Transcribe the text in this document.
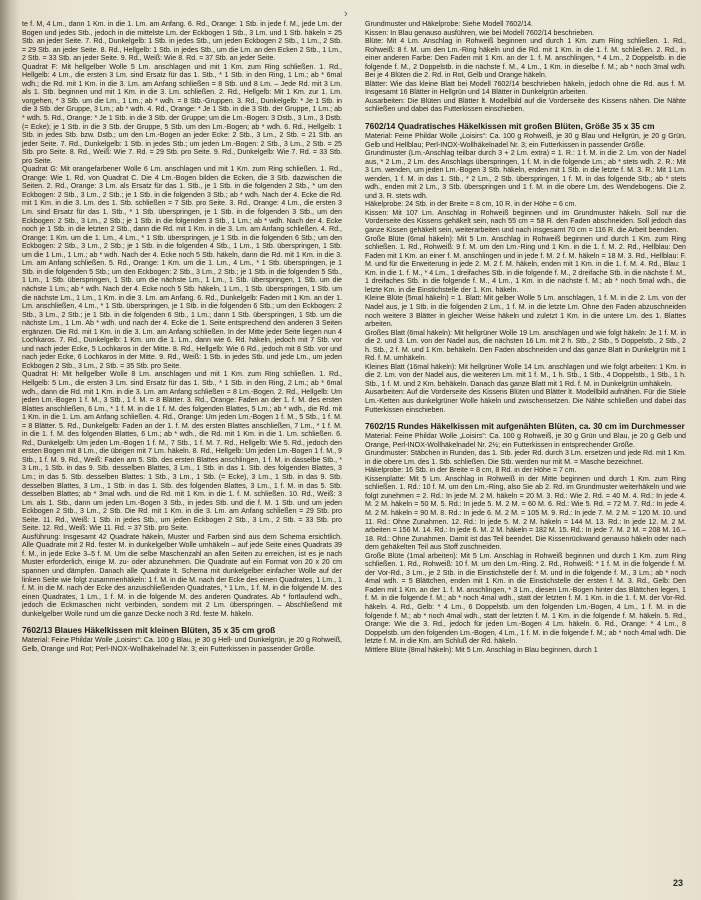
›

te f. M, 4 Lm., dann 1 Km. in die 1. Lm. am Anfang. 6. Rd., Orange: 1 Stb. in jede f. M., jede Lm. der Bogen und jedes Stb., jedoch in die mittelste Lm. der Eckbogen 1 Stb., 3 Lm. und 1 Stb. häkeln = 25 Stb. an jeder Seite. 7. Rd., Dunkelgelb: 1 Stb. in jedes Stb., um jeden Eckbogen 2 Stb., 1 Lm., 2 Stb. = 29 Stb. an jeder Seite. 8. Rd., Hellgelb: 1 Stb. in jedes Stb., um die Lm. an den Ecken 2 Stb., 1 Lm., 2 Stb. = 33 Stb. an jeder Seite. 9. Rd., Weiß: Wie 8. Rd. = 37 Stb. an jeder Seite.

Quadrat F: Mit hellgelber Wolle 5 Lm. anschlagen und mit 1 Km. zum Ring schließen. 1. Rd., Hellgelb: 4 Lm., die ersten 3 Lm. sind Ersatz für das 1. Stb., * 1 Stb. in den Ring, 1 Lm.; ab * 6mal wdh.; die Rd. mit 1 Km. in die 3. Lm. am Anfang schließen = 8 Stb. und 8 Lm. – Jede Rd. mit 3 Lm. als 1. Stb. beginnen und mit 1 Km. in die 3. Lm. schließen. 2. Rd., Hellgelb: Mit 1 Km. zur 1. Lm. vorgehen, * 3 Stb. um die Lm., 1 Lm.; ab * wdh. = 8 Stb.-Gruppen. 3. Rd., Dunkelgelb: * Je 1 Stb. in die 3 Stb. der Gruppe, 3 Lm.; ab * wdh. 4. Rd., Orange: * Je 1 Stb. in die 3 Stb. der Gruppe, 1 Lm.; ab * wdh. 5. Rd., Orange: * Je 1 Stb. in die 3 Stb. der Gruppe; um die Lm.-Bogen: 3 Dstb., 3 Lm., 3 Dstb. (= Ecke); je 1 Stb. in die 3 Stb. der Gruppe, 5 Stb. um den Lm.-Bogen; ab * wdh. 6. Rd., Hellgelb: 1 Stb. in jedes Stb. bzw. Dstb.; um den Lm.-Bogen an jeder Ecke: 2 Stb., 3 Lm., 2 Stb. = 21 Stb. an jeder Seite. 7. Rd., Dunkelgelb: 1 Stb. in jedes Stb.; um jeden Lm.-Bogen: 2 Stb., 3 Lm., 2 Stb. = 25 Stb. pro Seite. 8. Rd., Weiß: Wie 7. Rd. = 29 Stb. pro Seite. 9. Rd., Dunkelgelb: Wie 7. Rd. = 33 Stb. pro Seite.

Quadrat G: Mit orangefarbener Wolle 6 Lm. anschlagen und mit 1 Km. zum Ring schließen. 1. Rd., Orange: Wie 1. Rd. von Quadrat C. Die 4 Lm.-Bogen bilden die Ecken, die 3 Stb. dazwischen die Seiten. 2. Rd., Orange: 3 Lm. als Ersatz für das 1. Stb., je 1 Stb. in die folgenden 2 Stb., * um den Eckbogen: 2 Stb., 3 Lm., 2 Stb.; je 1 Stb. in die folgenden 3 Stb.; ab * wdh. Nach der 4. Ecke die Rd. mit 1 Km. in die 3. Lm. des 1. Stb. schließen = 7 Stb. pro Seite. 3. Rd., Orange: 4 Lm., die ersten 3 Lm. sind Ersatz für das 1. Stb., * 1 Stb. überspringen, je 1 Stb. in die folgenden 3 Stb., um den Eckbogen: 2 Stb., 3 Lm., 2 Stb.; je 1 Stb. in die folgenden 3 Stb., 1 Lm.; ab * wdh. Nach der 4. Ecke noch je 1 Stb. in die letzten 2 Stb., dann die Rd. mit 1 Km. in die 3. Lm. am Anfang schließen. 4. Rd., Orange: 1 Km. um die 1. Lm., 4 Lm., * 1 Stb. überspringen, je 1 Stb. in die folgenden 6 Stb.; um den Eckbogen: 2 Stb., 3 Lm., 2 Stb.; je 1 Stb. in die folgenden 4 Stb., 1 Lm., 1 Stb. überspringen, 1 Stb. um die 1 Lm., 1 Lm.; ab * wdh. Nach der 4. Ecke noch 5 Stb. häkeln, dann die Rd. mit 1 Km. in die 3. Lm. am Anfang schließen. 5. Rd., Orange: 1 Km. um die 1. Lm., 4 Lm., * 1 Stb. überspringen, je 1 Stb. in die folgenden 5 Stb.; um den Eckbogen: 2 Stb., 3 Lm., 2 Stb.; je 1 Stb. in die folgenden 5 Stb., 1 Lm., 1 Stb. überspringen, 1 Stb. um die nächste Lm., 1 Lm., 1 Stb. überspringen, 1 Stb. um die nächste 1 Lm.; ab * wdh. Nach der 4. Ecke noch 5 Stb. häkeln, 1 Lm., 1 Stb. überspringen, 1 Stb. um die nächste Lm., 1 Lm., 1 Km. in die 3. Lm. am Anfang. 6. Rd., Dunkelgelb: Faden mit 1 Km. an der 1. Lm. anschließen, 4 Lm., * 1 Stb. überspringen, je 1 Stb. in die folgenden 6 Stb.; um den Eckbogen: 2 Stb., 3 Lm., 2 Stb.; je 1 Stb. in die folgenden 6 Stb., 1 Lm.; dann 1 Stb. überspringen, 1 Stb. um die nächste Lm., 1 Lm. Ab * wdh. und nach der 4. Ecke die 1. Seite entsprechend den anderen 3 Seiten ergänzen. Die Rd. mit 1 Km. in die 3. Lm. am Anfang schließen. In der Mitte jeder Seite liegen nun 4 Lochkaros. 7. Rd., Dunkelgelb: 1 Km. um die 1. Lm., dann wie 6. Rd. häkeln, jedoch mit 7 Stb. vor und nach jeder Ecke, 5 Lochkaros in der Mitte. 8. Rd., Hellgelb: Wie 6 Rd., jedoch mit 8 Stb. vor und nach jeder Ecke, 6 Lochkaros in der Mitte. 9. Rd., Weiß: 1 Stb. in jedes Stb. und jede Lm., um jeden Eckbogen 2 Stb., 3 Lm., 2 Stb. = 35 Stb. pro Seite.

Quadrat H: Mit hellgelber Wolle 8 Lm. anschlagen und mit 1 Km. zum Ring schließen. 1. Rd., Hellgelb: 5 Lm., die ersten 3 Lm. sind Ersatz für das 1. Stb., * 1 Stb. in den Ring, 2 Lm.; ab * 6mal wdh., dann die Rd. mit 1 Km. in die 3. Lm. am Anfang schließen = 8 Lm.-Bogen. 2. Rd., Hellgelb: Um jeden Lm.-Bogen 1 f. M., 3 Stb., 1 f. M. = 8 Blätter. 3. Rd., Orange: Faden an der 1. f. M. des ersten Blattes anschließen, 6 Lm., * 1 f. M. in die 1 f. M. des folgenden Blattes, 5 Lm.; ab * wdh., die Rd. mit 1 Km. in die 1. Lm. am Anfang schließen. 4. Rd., Orange: Um jeden Lm.-Bogen 1 f. M., 5 Stb., 1 f. M. = 8 Blätter. 5. Rd., Dunkelgelb: Faden an der 1. f. M. des ersten Blattes anschließen, 7 Lm., * 1 f. M. in die 1. f. M. des folgenden Blattes, 6 Lm.; ab * wdh., die Rd. mit 1 Km. in die 1. Lm. schließen. 6. Rd., Dunkelgelb: Um jeden Lm.-Bogen 1 f. M., 7 Stb., 1 f. M. 7. Rd., Hellgelb: Wie 5. Rd., jedoch den ersten Bogen mit 8 Lm., die übrigen mit 7 Lm. häkeln. 8. Rd., Hellgelb: Um jeden Lm.-Bogen 1 f. M., 9 Stb., 1 f. M. 9. Rd., Weiß: Faden am 5. Stb. des ersten Blattes anschlingen, 1 f. M. in dasselbe Stb., * 3 Lm., 1 Stb. in das 9. Stb. desselben Blattes, 3 Lm., 1 Stb. in das 1. Stb. des folgenden Blattes, 3 Lm.; in das 5. Stb. desselben Blattes: 1 Stb., 3 Lm., 1 Stb. (= Ecke), 3 Lm., 1 Stb. in das 9. Stb. desselben Blattes, 3 Lm., 1 Stb. in das 1. Stb. des folgenden Blattes, 3 Lm., 1 f. M. in das 5. Stb. desselben Blattes; ab * 3mal wdh. und die Rd. mit 1 Km. in die 1. f. M. schließen. 10. Rd., Weiß: 3 Lm. als 1. Stb., dann um jeden Lm.-Bogen 3 Stb., in jedes Stb. und die f. M. 1 Stb. und um jeden Eckbogen 2 Stb., 3 Lm., 2 Stb. Die Rd. mit 1 Km. in die 3. Lm. am Anfang schließen = 29 Stb. pro Seite. 11. Rd., Weiß: 1 Stb. in jedes Stb., um jeden Eckbogen 2 Stb., 3 Lm., 2 Stb. = 33 Stb. pro Seite. 12. Rd., Weiß: Wie 11. Rd. = 37 Stb. pro Seite.

Ausführung: Insgesamt 42 Quadrate häkeln, Muster und Farben sind aus dem Schema ersichtlich. Alle Quadrate mit 2 Rd. fester M. in dunkelgelber Wolle umhäkeln – auf jede Seite eines Quadrats 39 f. M., in jede Ecke 3–5 f. M. Um die selbe Maschenzahl an allen Seiten zu erreichen, ist es je nach Muster erforderlich, einige M. zu- oder abzunehmen. Die Quadrate auf ein Format von 20 x 20 cm spannen und dämpfen. Danach alle Quadrate lt. Schema mit dunkelgelber einfacher Wolle auf der linken Seite wie folgt zusammenhäkeln: 1 f. M. in die M. nach der Ecke des einen Quadrates, 1 Lm., 1 f. M. in die M. nach der Ecke des anzuschließenden Quadrates, * 1 Lm., 1 f. M. in die folgende M. des einen Quadrates, 1 Lm., 1 f. M. in die folgende M. des anderen Quadrates. Ab * fortlaufend wdh., jedoch die Eckmaschen nicht verbinden, sondern mit 2 Lm. überspringen. – Abschließend mit dunkelgelber Wolle rund um die ganze Decke noch 3 Rd. feste M. häkeln.

7602/13 Blaues Häkelkissen mit kleinen Blüten, 35 x 35 cm groß

Material: Feine Phildar Wolle „Loisirs“: Ca. 100 g Blau, je 30 g Hell- und Dunkelgrün, je 20 g Rohweiß, Gelb, Orange und Rot; Perl-INOX-Wollhäkelnadel Nr. 3; ein Futterkissen in passender Größe.

Grundmuster und Häkelprobe: Siehe Modell 7602/14.

Kissen: In Blau genauso ausführen, wie bei Modell 7602/14 beschrieben.

Blüte: Mit 4 Lm. Anschlag in Rohweiß beginnen und durch 1 Km. zum Ring schließen. 1. Rd., Rohweiß: 8 f. M. um den Lm.-Ring häkeln und die Rd. mit 1 Km. in die 1. f. M. schließen. 2. Rd., in einer anderen Farbe: Den Faden mit 1 Km. an der 1. f. M. anschlingen, * 4 Lm., 2 Doppelstb. in die folgende f. M., 2 Doppelstb. in die nächste f. M., 4 Lm., 1 Km. in dieselbe f. M.; ab * noch 3mal wdh. Bei je 4 Blüten die 2. Rd. in Rot, Gelb und Orange häkeln.

Blätter: Wie das kleine Blatt bei Modell 7602/14 beschrieben häkeln, jedoch ohne die Rd. aus f. M. Insgesamt 16 Blätter in Hellgrün und 14 Blätter in Dunkelgrün arbeiten.

Ausarbeiten: Die Blüten und Blätter lt. Modellbild auf die Vorderseite des Kissens nähen. Die Nähte schließen und dabei das Futterkissen einschieben.

7602/14 Quadratisches Häkelkissen mit großen Blüten, Größe 35 x 35 cm

Material: Feine Phildar Wolle „Loisirs“: Ca. 100 g Rohweiß, je 30 g Blau und Hellgrün, je 20 g Grün, Gelb und Hellblau; Perl-INOX-Wollhäkelnadel Nr. 3; ein Futterkissen in passender Größe.

Grundmuster (Lm.-Anschlag teilbar durch 3 + 2 Lm. extra) = 1. R.: 1 f. M. in die 2. Lm. von der Nadel aus, * 2 Lm., 2 Lm. des Anschlags überspringen, 1 f. M. in die folgende Lm.; ab * stets wdh. 2. R.: Mit 3 Lm. wenden, um jeden Lm.-Bogen 3 Stb. häkeln, enden mit 1 Stb. in die letzte f. M. 3. R.: Mit 1 Lm. wenden, 1 f. M. in das 1. Stb., * 2 Lm., 2 Stb. überspringen, 1 f. M. in das folgende Stb.; ab * stets wdh., enden mit 2 Lm., 3 Stb. überspringen und 1 f. M. in die obere Lm. des Wendebogens. Die 2. und 3. R. stets wdh.

Häkelprobe: 24 Stb. in der Breite = 8 cm, 10 R. in der Höhe = 6 cm.

Kissen: Mit 107 Lm. Anschlag in Rohweiß beginnen und im Grundmuster häkeln. Soll nur die Vorderseite des Kissens gehäkelt sein, nach 55 cm = 58 R. den Faden abschneiden. Soll jedoch das ganze Kissen gehäkelt sein, weiterarbeiten und nach insgesamt 70 cm = 116 R. die Arbeit beenden.

Große Blüte (6mal häkeln): Mit 5 Lm. Anschlag in Rohweiß beginnen und durch 1 Km. zum Ring schließen. 1. Rd., Rohweiß: 9 f. M. um den Lm.-Ring und 1 Km. in die 1. f. M. 2. Rd., Hellblau: Den Faden mit 1 Km. an einer f. M. anschlingen und in jede f. M. 2 f. M. häkeln = 18 M. 3. Rd., Hellblau: F. M. und für die Erweiterung in jede 2. M. 2 f. M. häkeln, enden mit 1 Km. in die 1. f. M. 4. Rd., Blau: 1 Km. in die 1. f. M., * 4 Lm., 1 dreifaches Stb. in die folgende f. M., 2 dreifache Stb. in die nächste f. M., 1 dreifaches Stb. in die folgende f. M., 4 Lm., 1 Km. in die nächste f. M.; ab * noch 5mal wdh., die letzte Km. in die Einstichstelle der 1. Km. häkeln.

Kleine Blüte (5mal häkeln) = 1. Blatt: Mit gelber Wolle 5 Lm. anschlagen, 1 f. M. in die 2. Lm. von der Nadel aus, je 1 Stb. in die folgenden 2 Lm., 1 f. M. in die letzte Lm. Ohne den Faden abzuschneiden noch weitere 3 Blätter in gleicher Weise häkeln und zuletzt 1 Km. in die untere Lm. des 1. Blattes arbeiten.

Großes Blatt (6mal häkeln): Mit hellgrüner Wolle 19 Lm. anschlagen und wie folgt häkeln: Je 1 f. M. in die 2. und 3. Lm. von der Nadel aus, die nächsten 16 Lm. mit 2 h. Stb., 2 Stb., 5 Doppelstb., 2 Stb., 2 h. Stb., 2 f. M. und 1 Km. behäkeln. Den Faden abschneiden und das ganze Blatt in Dunkelgrün mit 1 Rd. f. M. umhäkeln.

Kleines Blatt (16mal häkeln): Mit hellgrüner Wolle 14 Lm. anschlagen und wie folgt arbeiten: 1 Km. in die 2. Lm. von der Nadel aus, die weiteren Lm. mit 1 f. M., 1 h. Stb., 1 Stb., 4 Doppelstb., 1 Stb., 1 h. Stb., 1 f. M. und 2 Km. behäkeln. Danach das ganze Blatt mit 1 Rd. f. M. in Dunkelgrün umhäkeln.

Ausarbeiten: Auf die Vorderseite des Kissens Blüten und Blätter lt. Modellbild aufnähen. Für die Stiele Lm.-Ketten aus dunkelgrüner Wolle häkeln und zwischensetzen. Die Nähte schließen und dabei das Futterkissen einschieben.

7602/15 Rundes Häkelkissen mit aufgenähten Blüten, ca. 30 cm im Durchmesser

Material: Feine Phildar Wolle „Loisirs“: Ca. 100 g Rohweiß, je 30 g Grün und Blau, je 20 g Gelb und Orange, Perl-INOX-Wollhäkelnadel Nr. 2½; ein Futterkissen in entsprechender Größe.

Grundmuster: Stäbchen in Runden, das 1. Stb. jeder Rd. durch 3 Lm. ersetzen und jede Rd. mit 1 Km. in die obere Lm. des 1. Stb. schließen. Die Stb. werden nur mit M. = Masche bezeichnet.

Häkelprobe: 16 Stb. in der Breite = 8 cm, 8 Rd. in der Höhe = 7 cm.

Kissenplatte: Mit 5 Lm. Anschlag in Rohweiß in der Mitte beginnen und durch 1 Km. zum Ring schließen. 1. Rd.: 10 f. M. um den Lm.-Ring, also Sie ab 2. Rd. im Grundmuster weiterhäkeln und wie folgt zunehmen = 2. Rd.: In jede M. 2 M. häkeln = 20 M. 3. Rd.: Wie 2. Rd. = 40 M. 4. Rd.: In jede 4. M. 2 M. häkeln = 50 M. 5. Rd.: In jede 5. M. 2 M. = 60 M. 6. Rd.: Wie 5. Rd. = 72 M. 7. Rd.: In jede 4. M. 2 M. häkeln = 90 M. 8. Rd.: In jede 6. M. 2 M. = 105 M. 9. Rd.: In jede 7. M. 2 M. = 120 M. 10. und 11. Rd.: Ohne Zunahmen. 12. Rd.: In jede 5. M. 2 M. häkeln = 144 M. 13. Rd.: In jede 12. M. 2 M. arbeiten = 156 M. 14. Rd.: In jede 6. M. 2 M. häkeln = 182 M. 15. Rd.: In jede 7. M. 2 M. = 208 M. 16.–18. Rd.: Ohne Zunahmen. Damit ist das Teil beendet. Die Kissenrückwand genauso häkeln oder nach dem gehäkelten Teil aus Stoff zuschneiden.

Große Blüte (1mal arbeiten): Mit 5 Lm. Anschlag in Rohweiß beginnen und durch 1 Km. zum Ring schließen. 1. Rd., Rohweiß: 10 f. M. um den Lm.-Ring. 2. Rd., Rohweiß: * 1 f. M. in die folgende f. M. der Vor-Rd., 3 Lm., je 2 Stb. in die Einstichstelle der f. M. und in die folgende f. M., 3 Lm.; ab * noch 4mal wdh. = 5 Blättchen, enden mit 1 Km. in die Einstichstelle der ersten f. M. 3. Rd., Gelb: Den Faden mit 1 Km. an der 1. f. M. anschlingen, * 3 Lm., diesen Lm.-Bogen hinter das Blättchen legen, 1 f. M. in die folgende f. M.; ab * noch 4mal wdh., statt der letzten f. M. 1 Km. in die 1. f. M. der Vor-Rd. häkeln. 4. Rd., Gelb: * 4 Lm., 6 Doppelstb. um den folgenden Lm.-Bogen, 4 Lm., 1 f. M. in die folgende f. M.; ab * noch 4mal wdh., statt der letzten f. M. 1 Km. in die folgende f. M. häkeln. 5. Rd., Orange: Wie die 3. Rd., jedoch für jeden Lm.-Bogen 4 Lm. häkeln. 6. Rd., Orange: * 4 Lm., 8 Doppelstb. um den folgenden Lm.-Bogen, 4 Lm., 1 f. M. in die folgende f. M.; ab * noch 4mal wdh. Die letzte f. M. in die Km. am Schluß der Rd. häkeln.

Mittlere Blüte (8mal häkeln): Mit 5 Lm. Anschlag in Blau beginnen, durch 1

23
